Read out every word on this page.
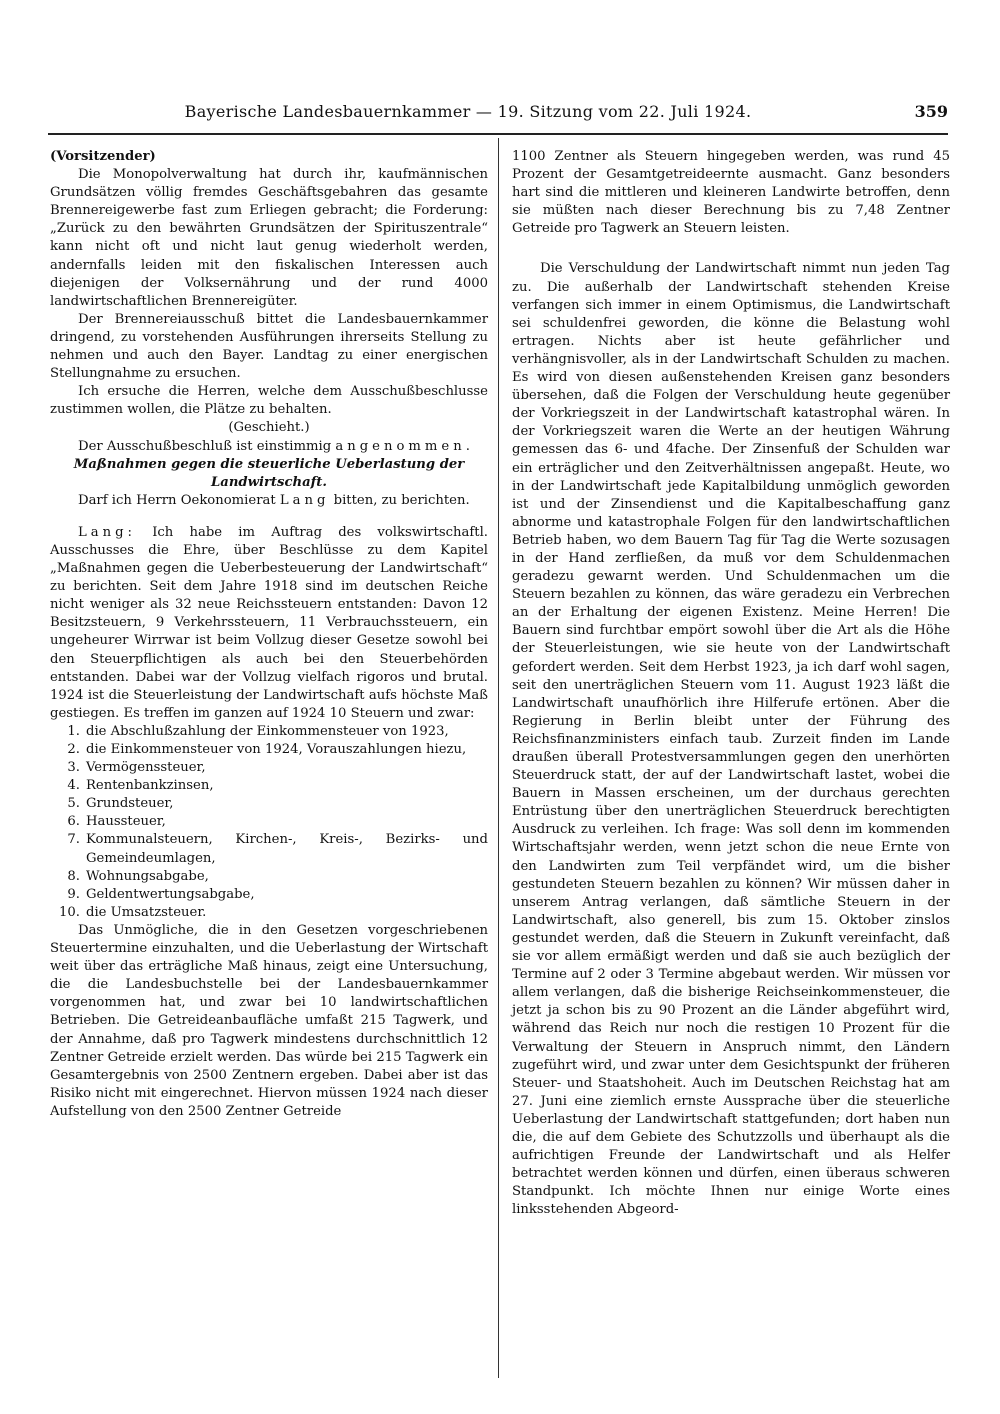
Bayerische Landesbauernkammer — 19. Sitzung vom 22. Juli 1924.	359

(Vorsitzender)

Die Monopolverwaltung hat durch ihr, kaufmännischen Grundsätzen völlig fremdes Geschäftsgebahren das gesamte Brennereigewerbe fast zum Erliegen gebracht; die Forderung: „Zurück zu den bewährten Grundsätzen der Spirituszentrale“ kann nicht oft und nicht laut genug wiederholt werden, andernfalls leiden mit den fiskalischen Interessen auch diejenigen der Volksernährung und der rund 4000 landwirtschaftlichen Brennereigüter.

Der Brennereiausschuß bittet die Landesbauernkammer dringend, zu vorstehenden Ausführungen ihrerseits Stellung zu nehmen und auch den Bayer. Landtag zu einer energischen Stellungnahme zu ersuchen.

Ich ersuche die Herren, welche dem Ausschußbeschlusse zustimmen wollen, die Plätze zu behalten.

(Geschieht.)

Der Ausschußbeschluß ist einstimmig angenommen.

Maßnahmen gegen die steuerliche Ueberlastung der Landwirtschaft.

Darf ich Herrn Oekonomierat Lang bitten, zu berichten.

Lang: Ich habe im Auftrag des volkswirtschaftl. Ausschusses die Ehre, über Beschlüsse zu dem Kapitel „Maßnahmen gegen die Ueberbesteuerung der Landwirtschaft“ zu berichten. Seit dem Jahre 1918 sind im deutschen Reiche nicht weniger als 32 neue Reichssteuern entstanden: Davon 12 Besitzsteuern, 9 Verkehrssteuern, 11 Verbrauchssteuern, ein ungeheurer Wirrwar ist beim Vollzug dieser Gesetze sowohl bei den Steuerpflichtigen als auch bei den Steuerbehörden entstanden. Dabei war der Vollzug vielfach rigoros und brutal. 1924 ist die Steuerleistung der Landwirtschaft aufs höchste Maß gestiegen. Es treffen im ganzen auf 1924 10 Steuern und zwar:

1. die Abschlußzahlung der Einkommensteuer von 1923,
2. die Einkommensteuer von 1924, Vorauszahlungen hiezu,
3. Vermögenssteuer,
4. Rentenbankzinsen,
5. Grundsteuer,
6. Haussteuer,
7. Kommunalsteuern, Kirchen-, Kreis-, Bezirks- und Gemeindeumlagen,
8. Wohnungsabgabe,
9. Geldentwertungsabgabe,
10. die Umsatzsteuer.

Das Unmögliche, die in den Gesetzen vorgeschriebenen Steuertermine einzuhalten, und die Ueberlastung der Wirtschaft weit über das erträgliche Maß hinaus, zeigt eine Untersuchung, die die Landesbuchstelle bei der Landesbauernkammer vorgenommen hat, und zwar bei 10 landwirtschaftlichen Betrieben. Die Getreideanbaufläche umfaßt 215 Tagwerk, und der Annahme, daß pro Tagwerk mindestens durchschnittlich 12 Zentner Getreide erzielt werden. Das würde bei 215 Tagwerk ein Gesamtergebnis von 2500 Zentnern ergeben. Dabei aber ist das Risiko nicht mit eingerechnet. Hiervon müssen 1924 nach dieser Aufstellung von den 2500 Zentner Getreide

1100 Zentner als Steuern hingegeben werden, was rund 45 Prozent der Gesamtgetreideernte ausmacht. Ganz besonders hart sind die mittleren und kleineren Landwirte betroffen, denn sie müßten nach dieser Berechnung bis zu 7,48 Zentner Getreide pro Tagwerk an Steuern leisten.

Die Verschuldung der Landwirtschaft nimmt nun jeden Tag zu. Die außerhalb der Landwirtschaft stehenden Kreise verfangen sich immer in einem Optimismus, die Landwirtschaft sei schuldenfrei geworden, die könne die Belastung wohl ertragen. Nichts aber ist heute gefährlicher und verhängnisvoller, als in der Landwirtschaft Schulden zu machen. Es wird von diesen außenstehenden Kreisen ganz besonders übersehen, daß die Folgen der Verschuldung heute gegenüber der Vorkriegszeit in der Landwirtschaft katastrophal wären. In der Vorkriegszeit waren die Werte an der heutigen Währung gemessen das 6- und 4fache. Der Zinsenfuß der Schulden war ein erträglicher und den Zeitverhältnissen angepaßt. Heute, wo in der Landwirtschaft jede Kapitalbildung unmöglich geworden ist und der Zinsendienst und die Kapitalbeschaffung ganz abnorme und katastrophale Folgen für den landwirtschaftlichen Betrieb haben, wo dem Bauern Tag für Tag die Werte sozusagen in der Hand zerfließen, da muß vor dem Schuldenmachen geradezu gewarnt werden. Und Schuldenmachen um die Steuern bezahlen zu können, das wäre geradezu ein Verbrechen an der Erhaltung der eigenen Existenz. Meine Herren! Die Bauern sind furchtbar empört sowohl über die Art als die Höhe der Steuerleistungen, wie sie heute von der Landwirtschaft gefordert werden. Seit dem Herbst 1923, ja ich darf wohl sagen, seit den unerträglichen Steuern vom 11. August 1923 läßt die Landwirtschaft unaufhörlich ihre Hilferufe ertönen. Aber die Regierung in Berlin bleibt unter der Führung des Reichsfinanzministers einfach taub. Zurzeit finden im Lande draußen überall Protestversammlungen gegen den unerhörten Steuerdruck statt, der auf der Landwirtschaft lastet, wobei die Bauern in Massen erscheinen, um der durchaus gerechten Entrüstung über den unerträglichen Steuerdruck berechtigten Ausdruck zu verleihen. Ich frage: Was soll denn im kommenden Wirtschaftsjahr werden, wenn jetzt schon die neue Ernte von den Landwirten zum Teil verpfändet wird, um die bisher gestundeten Steuern bezahlen zu können? Wir müssen daher in unserem Antrag verlangen, daß sämtliche Steuern in der Landwirtschaft, also generell, bis zum 15. Oktober zinslos gestundet werden, daß die Steuern in Zukunft vereinfacht, daß sie vor allem ermäßigt werden und daß sie auch bezüglich der Termine auf 2 oder 3 Termine abgebaut werden. Wir müssen vor allem verlangen, daß die bisherige Reichseinkommensteuer, die jetzt ja schon bis zu 90 Prozent an die Länder abgeführt wird, während das Reich nur noch die restigen 10 Prozent für die Verwaltung der Steuern in Anspruch nimmt, den Ländern zugeführt wird, und zwar unter dem Gesichtspunkt der früheren Steuer- und Staatshoheit. Auch im Deutschen Reichstag hat am 27. Juni eine ziemlich ernste Aussprache über die steuerliche Ueberlastung der Landwirtschaft stattgefunden; dort haben nun die, die auf dem Gebiete des Schutzzolls und überhaupt als die aufrichtigen Freunde der Landwirtschaft und als Helfer betrachtet werden können und dürfen, einen überaus schweren Standpunkt. Ich möchte Ihnen nur einige Worte eines linksstehenden Abgeord-
